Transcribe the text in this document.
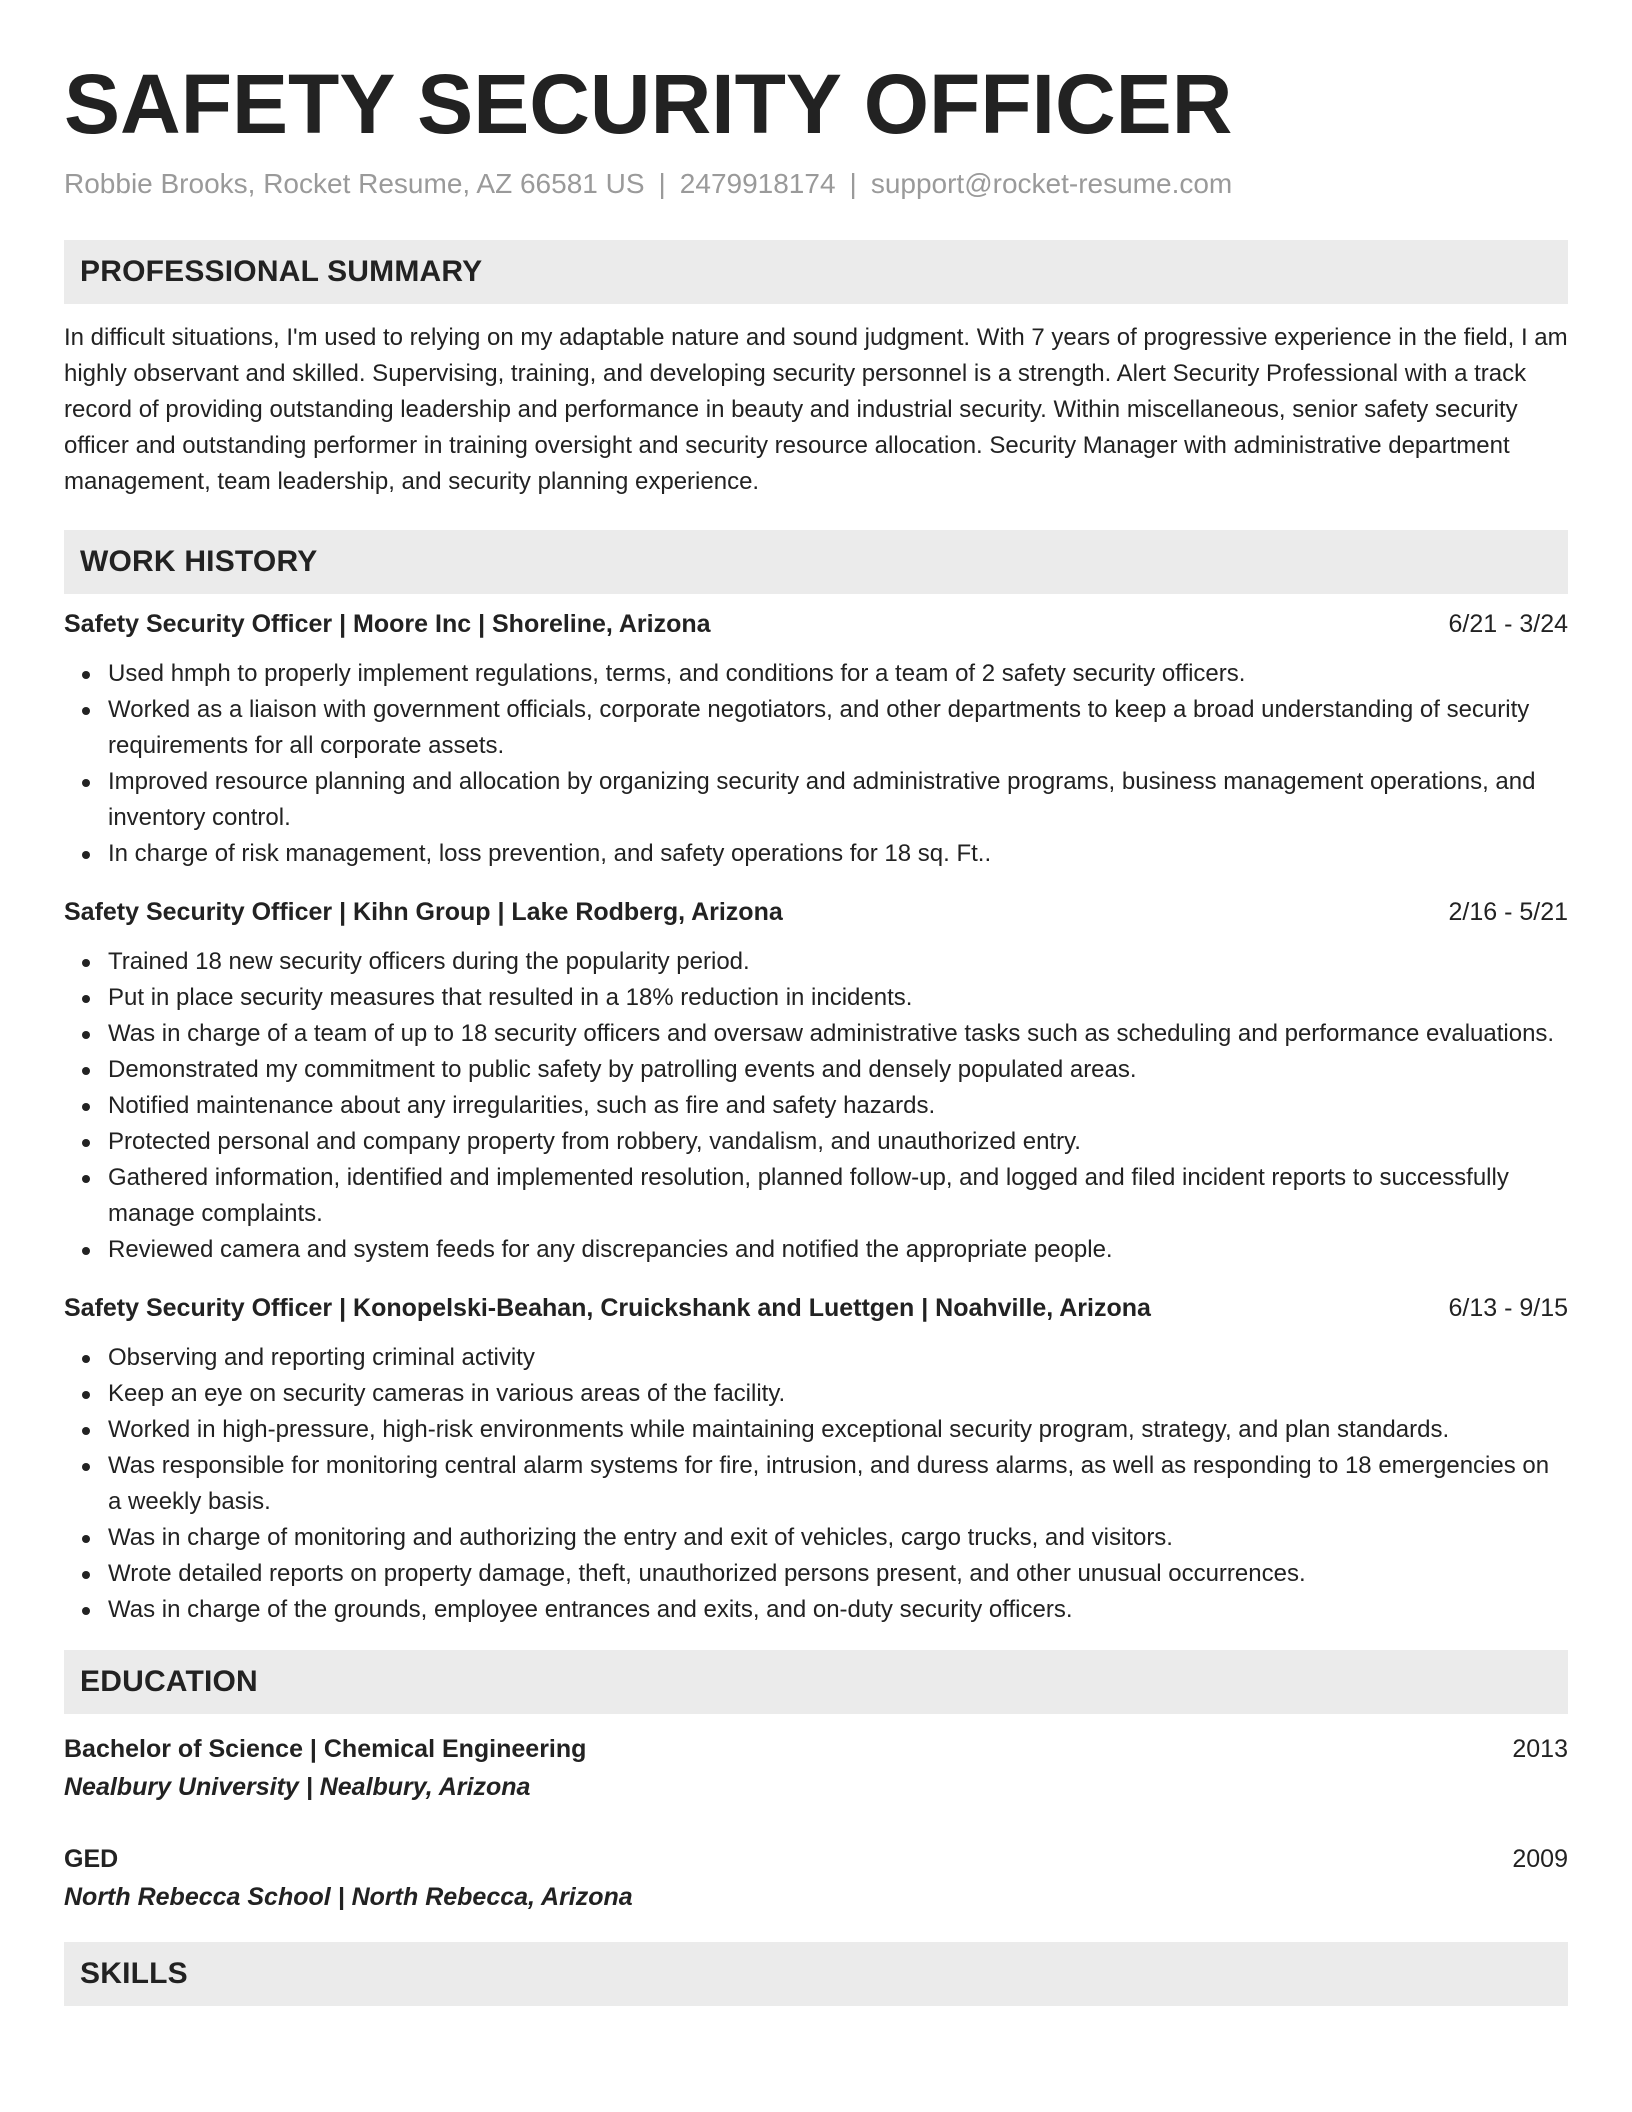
SAFETY SECURITY OFFICER
Robbie Brooks, Rocket Resume, AZ 66581 US | 2479918174 | support@rocket-resume.com
PROFESSIONAL SUMMARY

In difficult situations, I'm used to relying on my adaptable nature and sound judgment. With 7 years of progressive experience in the field, I am highly observant and skilled. Supervising, training, and developing security personnel is a strength. Alert Security Professional with a track record of providing outstanding leadership and performance in beauty and industrial security. Within miscellaneous, senior safety security officer and outstanding performer in training oversight and security resource allocation. Security Manager with administrative department management, team leadership, and security planning experience.

WORK HISTORY
Safety Security Officer | Moore Inc | Shoreline, Arizona	6/21 - 3/24
Used hmph to properly implement regulations, terms, and conditions for a team of 2 safety security officers.
Worked as a liaison with government officials, corporate negotiators, and other departments to keep a broad understanding of security requirements for all corporate assets.
Improved resource planning and allocation by organizing security and administrative programs, business management operations, and inventory control.
In charge of risk management, loss prevention, and safety operations for 18 sq. Ft..
Safety Security Officer | Kihn Group | Lake Rodberg, Arizona	2/16 - 5/21
Trained 18 new security officers during the popularity period.
Put in place security measures that resulted in a 18% reduction in incidents.
Was in charge of a team of up to 18 security officers and oversaw administrative tasks such as scheduling and performance evaluations.
Demonstrated my commitment to public safety by patrolling events and densely populated areas.
Notified maintenance about any irregularities, such as fire and safety hazards.
Protected personal and company property from robbery, vandalism, and unauthorized entry.
Gathered information, identified and implemented resolution, planned follow-up, and logged and filed incident reports to successfully manage complaints.
Reviewed camera and system feeds for any discrepancies and notified the appropriate people.
Safety Security Officer | Konopelski-Beahan, Cruickshank and Luettgen | Noahville, Arizona	6/13 - 9/15
Observing and reporting criminal activity
Keep an eye on security cameras in various areas of the facility.
Worked in high-pressure, high-risk environments while maintaining exceptional security program, strategy, and plan standards.
Was responsible for monitoring central alarm systems for fire, intrusion, and duress alarms, as well as responding to 18 emergencies on a weekly basis.
Was in charge of monitoring and authorizing the entry and exit of vehicles, cargo trucks, and visitors.
Wrote detailed reports on property damage, theft, unauthorized persons present, and other unusual occurrences.
Was in charge of the grounds, employee entrances and exits, and on-duty security officers.
EDUCATION
Bachelor of Science | Chemical Engineering	2013
Nealbury University | Nealbury, Arizona
GED	2009
North Rebecca School | North Rebecca, Arizona
SKILLS
